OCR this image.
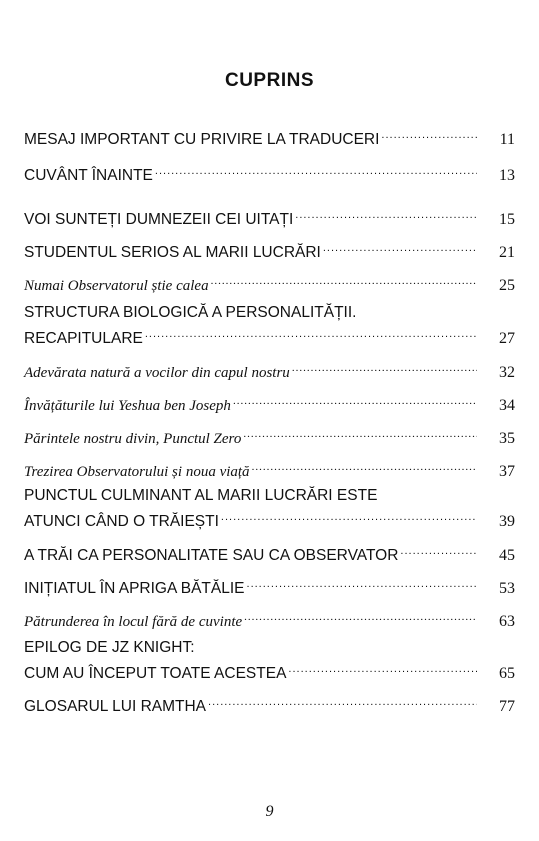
CUPRINS
MESAJ IMPORTANT CU PRIVIRE LA TRADUCERI .....	11
CUVÂNT ÎNAINTE .....	13
VOI SUNTEȚI DUMNEZEII CEI UITAȚI .....	15
STUDENTUL SERIOS AL MARII LUCRĂRI .....	21
Numai Observatorul știe calea .....	25
STRUCTURA BIOLOGICĂ A PERSONALITĂȚII.
RECAPITULARE .....	27
Adevărata natură a vocilor din capul nostru .....	32
Învățăturile lui Yeshua ben Joseph .....	34
Părintele nostru divin, Punctul Zero .....	35
Trezirea Observatorului și noua viață .....	37
PUNCTUL CULMINANT AL MARII LUCRĂRI ESTE
ATUNCI CÂND O TRĂIEȘTI .....	39
A TRĂI CA PERSONALITATE SAU CA OBSERVATOR .....	45
INIȚIATUL ÎN APRIGA BĂTĂLIE .....	53
Pătrunderea în locul fără de cuvinte .....	63
EPILOG DE JZ KNIGHT:
CUM AU ÎNCEPUT TOATE ACESTEA .....	65
GLOSARUL LUI RAMTHA .....	77
9
